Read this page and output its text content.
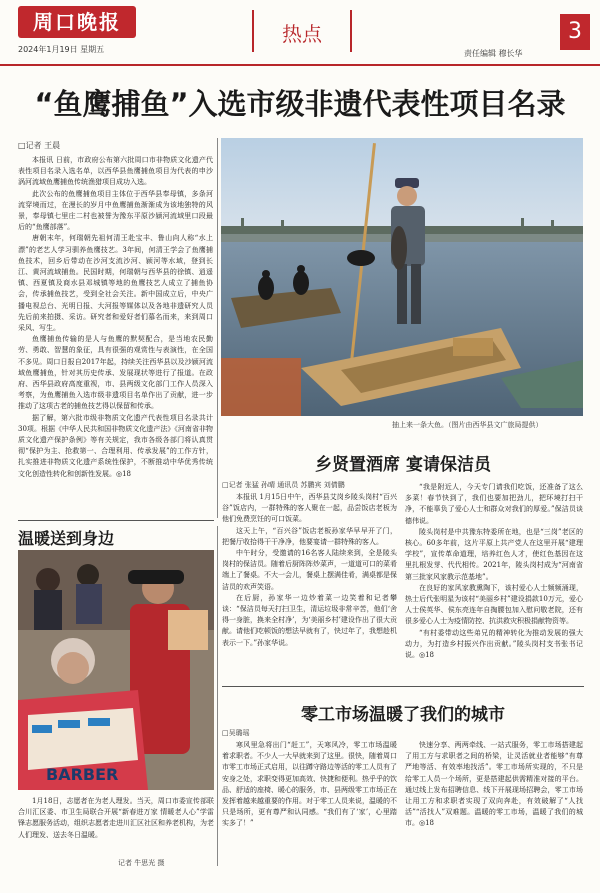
周口晚报
2024年1月19日 星期五
热点
责任编辑 穆长华
3
“鱼鹰捕鱼”入选市级非遗代表性项目名录
□记者 王晨

本报讯 日前，市政府公布第六批周口市非物质文化遗产代表性项目名录入选名单，以西华县鱼鹰捕鱼项目为代表的申沙涡河流域鱼鹰捕鱼传统渔猎项目成功入选。

此次公布的鱼鹰捕鱼项目主体位于西华县奉母镇，多条河流穿境而过，在漫长的岁月中鱼鹰捕鱼渐渐成为该地独特的风景，奉母镇七里庄二村也被誉为豫东平原沙颍河流域里口段最后的“鱼鹰部落”。

唐朝末年，何瑞朝先祖何清王赴宝丰、鲁山向人称“水上漂”的老艺人学习驯养鱼鹰技艺。3年间，何清王学会了鱼鹰捕鱼技术，回乡后带动在沙河支流沙河、颍河等水域，登到长江、黄河流域捕鱼。民国时期，何瑞朝与西华县的徐镇、逍遥镇、西夏镇及商水县邓城镇等地的鱼鹰技艺人成立了捕鱼协会，传承捕鱼技艺，受到全社会关注。新中国成立后，中央广播电视总台、光明日报、大河报等媒体以及各地非遗研究人员先后前来拍摄、采访。研究者和爱好者们慕名而来，来到周口采风、写生。

鱼鹰捕鱼传输的是人与鱼鹰的默契配合，是当地农民勤劳、勇敢、智慧的象征，具有很强的观赏性与表演性，在全国不多见。周口日报自2017年起，持续关注西华县以及沙颍河流域鱼鹰捕鱼，针对其历史传承、发展现状等进行了报道。在政府、西华县政府高度重视，市、县两级文化部门工作人员深入考察，为鱼鹰捕鱼入选市级非遗项目名单作出了贡献，进一步推动了这项古老的捕鱼技艺得以保留和传承。

据了解，第六批市级非物质文化遗产代表性项目名录共计30项。根据《中华人民共和国非物质文化遗产法》《河南省非物质文化遗产保护条例》等有关规定，我市各级各部门将认真贯彻“保护为主、抢救第一、合理利用、传承发展”的工作方针，扎实推进非物质文化遗产系统性保护，不断推动中华优秀传统文化创造性转化和创新性发展。◎18

抽上来一条大鱼。（图片由西华县文广旅局提供）
乡贤置酒席 宴请保洁员
□记者 张猛 孙晴 通讯员 苏鹏宾 刘倩鹏

本报讯 1月15日中午，西华县艾岗乡陵头岗村“百兴谷”饭店内，一群特殊的客人聚在一起，品尝饭店老板为他们免费烹饪的可口饭菜。

这天上午，“百兴谷”饭店老板孙家华早早开了门，把餐厅收拾得干干净净，他要宴请一群特殊的客人。

中午时分，受邀请的16名客人陆续来到，全是陵头岗村的保洁员。随着后厨阵阵炒菜声，一道道可口的菜肴端上了餐桌。不大一会儿，餐桌上摆满佳肴，满桌都是保洁员的欢声笑语。

在后厨，孙家华一边炒着菜一边笑着和记者攀谈：“保洁员每天打扫卫生，清运垃圾非常辛苦，他们‘舍得一身脏，换来全村净’，为‘美丽乡村’建设作出了很大贡献。请他们吃顿饭的想法早就有了，快过年了，我想趁机表示一下。”孙家华说。

“我是附近人，今天专门请我们吃饭，还准备了这么多菜！春节快到了，我们也要加把劲儿，把环境打扫干净，不能辜负了爱心人士和群众对我们的厚爱。”保洁员谈德伟说。

陵头岗村是中共豫东特委所在地，也是“三岗”老区的核心。60多年前，这片平原上共产党人在这里开展“建理学校”，宣传革命道理，培养红色人才，使红色基因在这里扎根发芽、代代相传。2021年，陵头岗村成为“河南省第三批家风家教示范基地”。

在良好的家风家教熏陶下，该村爱心人士频频涌现，热士后代张明星为该村“美丽乡村”建设捐款10万元，爱心人士侯英华、侯东亮连年自掏腰包加入慰问敬老院，还有很多爱心人士为疫情防控、抗洪救灾积极捐献物资等。

“有村委带动这些弟兄的精神转化为推动发展的强大动力，为打造乡村振兴作出贡献。”陵头岗村支书张书记说。◎18

温暖送到身边
BARBER

1月18日，志愿者在为老人理发。当天，周口市委宣传部联合川汇区委、市卫生局联合开展“新春进万家 情暖老人心”学雷锋志愿服务活动，组织志愿者走进川汇区社区和养老机构，为老人们理发、送去冬日温暖。

记者 牛思光 摄
零工市场温暖了我们的城市
□吴璐瑶

寒风里急将出门“赶工”，天寒风冷，零工市场温暖着求职者。不少人一大早就来到了这里。很快，随着周口市零工市场正式启用，以往蹲守路边等活的零工人员有了安身之处，求职变得更加高效、快捷和便利。热乎乎的饮品、舒适的座椅、暖心的服务，市、县两级零工市场正在发挥着越来越重要的作用。对于零工人员来说，温暖的不只是场所，更有尊严和认同感。“我们有了‘家’，心里踏实多了！”

快速分享、两两牵线、一站式服务，零工市场搭建起了用工方与求职者之间的桥梁，让灵活就业者能够“有尊严地等活、有效率地找活”。零工市场所实现的，不只是给零工人员一个场所，更是搭建起供需精准对接的平台。通过线上发布招聘信息、线下开展现场招聘会，零工市场让用工方和求职者实现了双向奔赴，有效破解了“人找活”“活找人”双难题。温暖的零工市场，温暖了我们的城市。◎18
